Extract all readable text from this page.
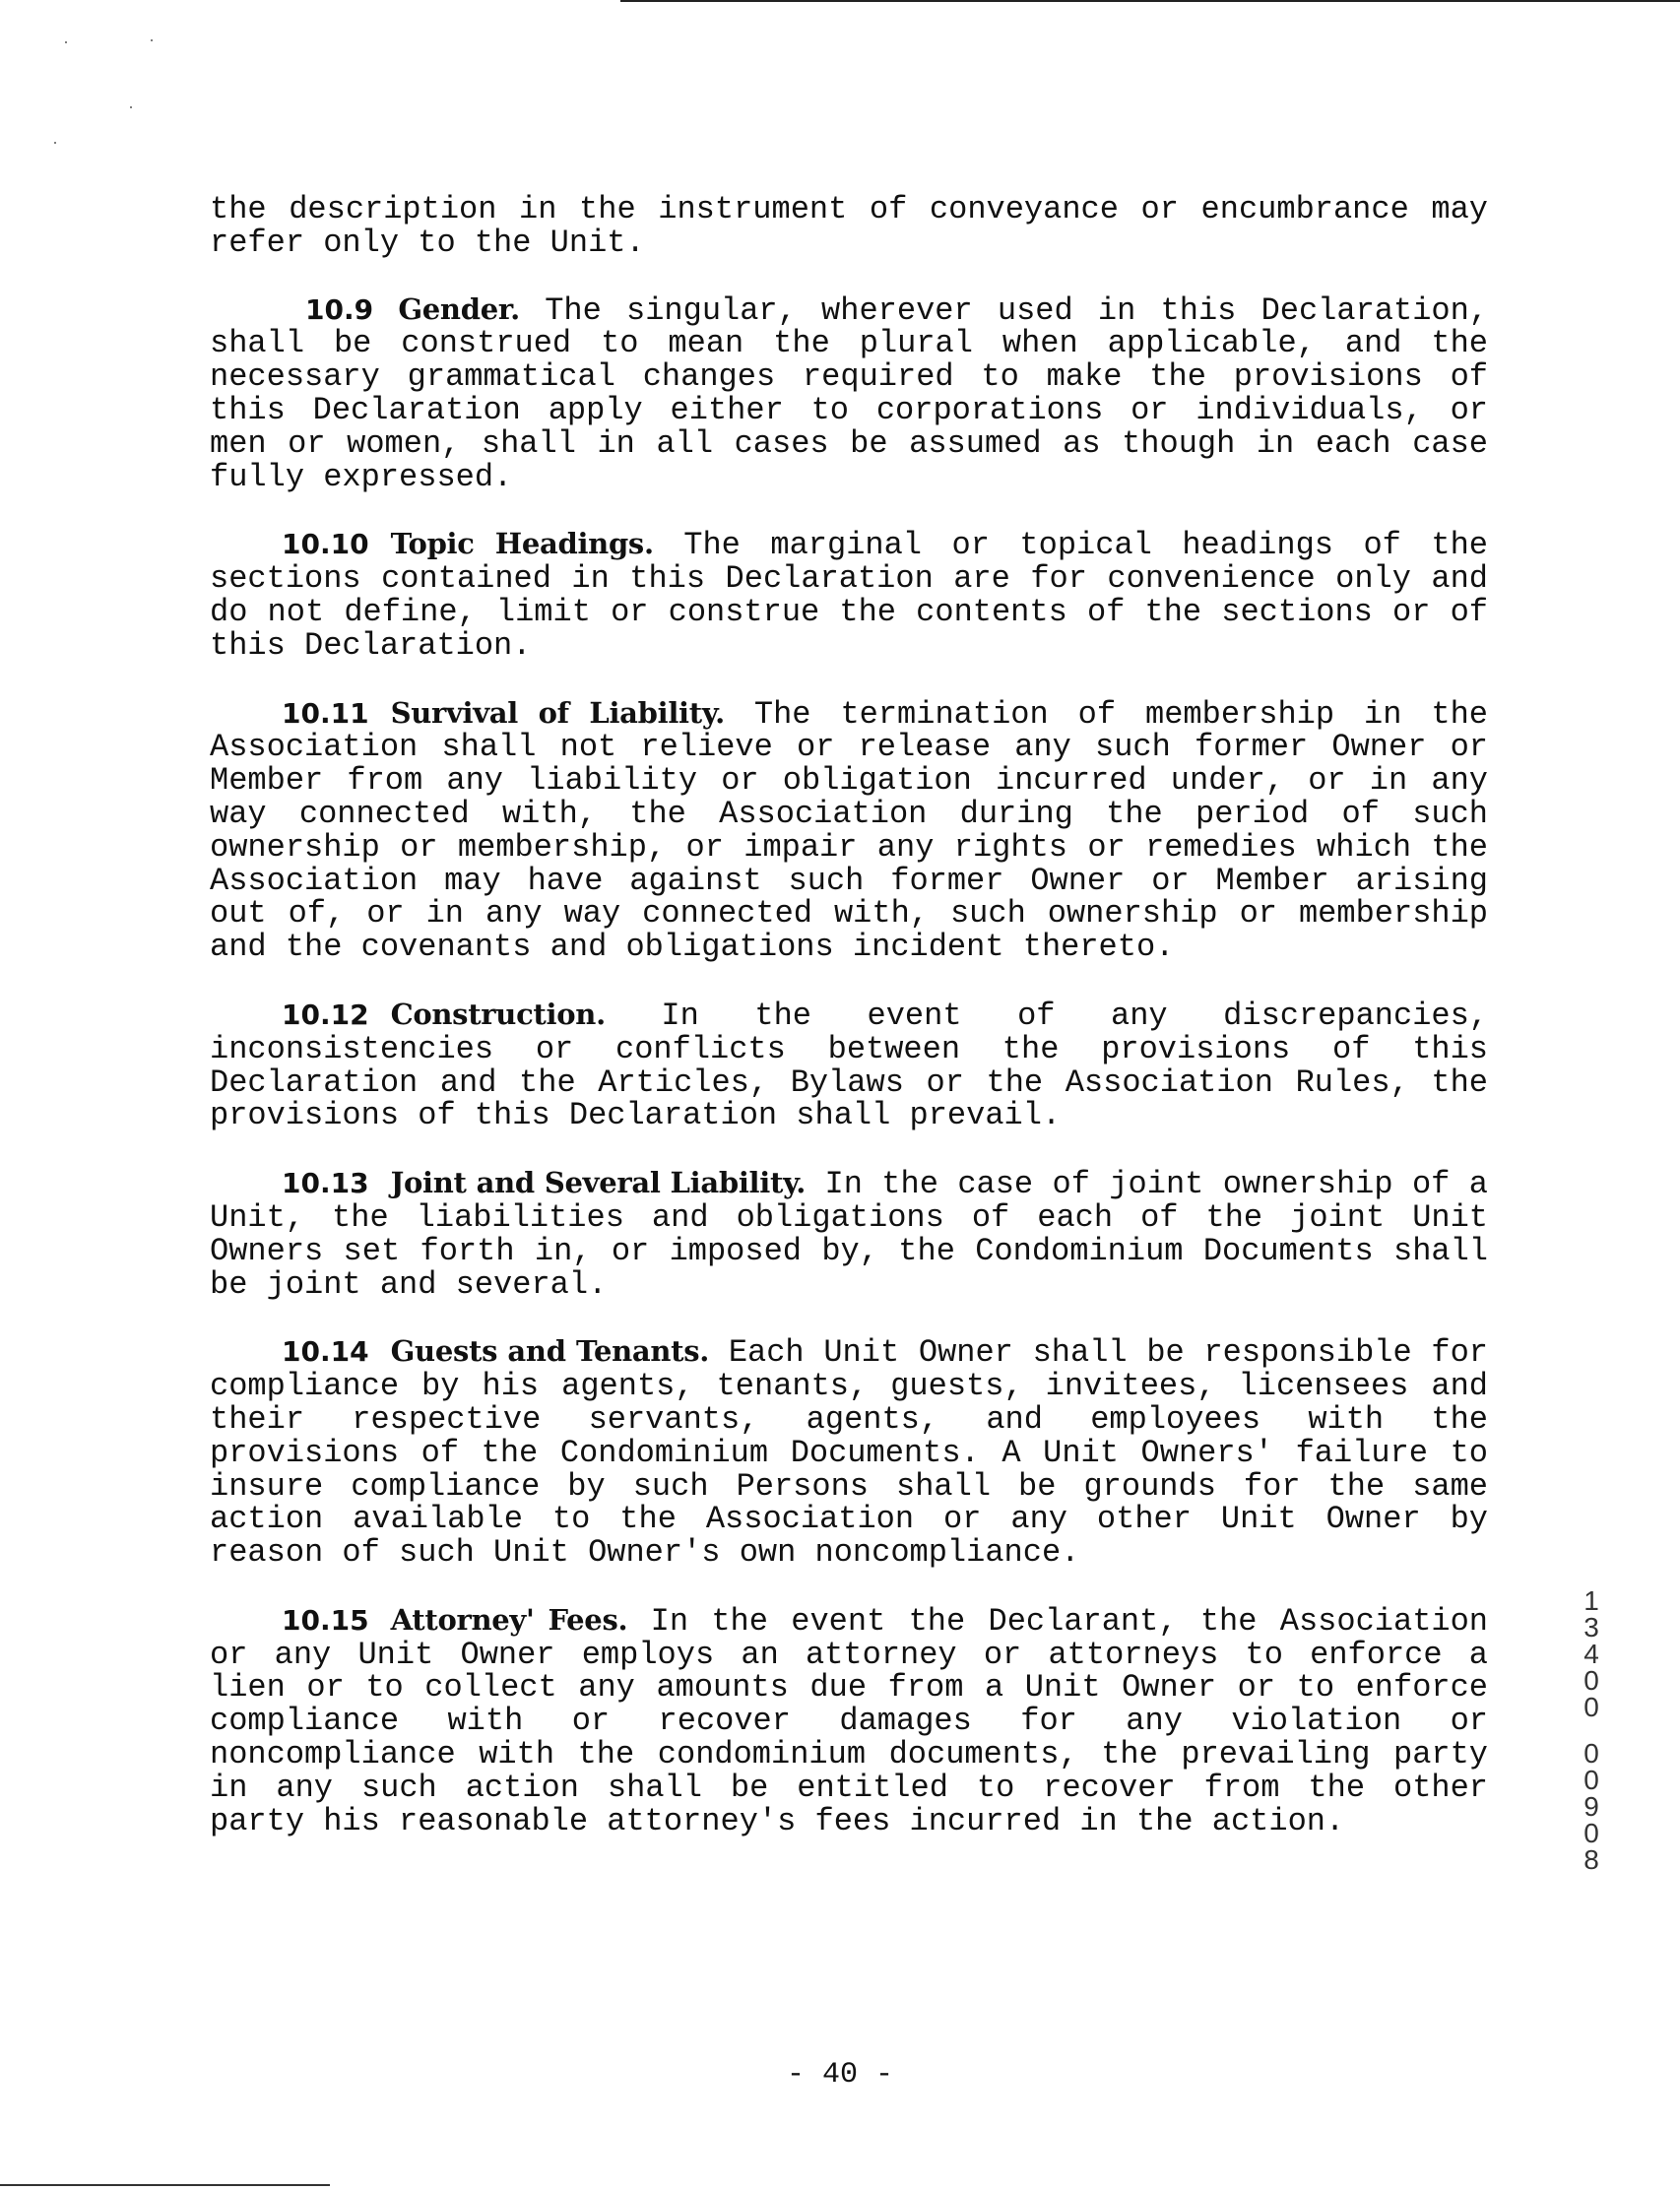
the description in the instrument of conveyance or encumbrance may refer only to the Unit.

10.9 Gender. The singular, wherever used in this Declaration, shall be construed to mean the plural when applicable, and the necessary grammatical changes required to make the provisions of this Declaration apply either to corporations or individuals, or men or women, shall in all cases be assumed as though in each case fully expressed.

10.10 Topic Headings. The marginal or topical headings of the sections contained in this Declaration are for convenience only and do not define, limit or construe the contents of the sections or of this Declaration.

10.11 Survival of Liability. The termination of membership in the Association shall not relieve or release any such former Owner or Member from any liability or obligation incurred under, or in any way connected with, the Association during the period of such ownership or membership, or impair any rights or remedies which the Association may have against such former Owner or Member arising out of, or in any way connected with, such ownership or membership and the covenants and obligations incident thereto.

10.12 Construction. In the event of any discrepancies, inconsistencies or conflicts between the provisions of this Declaration and the Articles, Bylaws or the Association Rules, the provisions of this Declaration shall prevail.

10.13 Joint and Several Liability. In the case of joint ownership of a Unit, the liabilities and obligations of each of the joint Unit Owners set forth in, or imposed by, the Condominium Documents shall be joint and several.

10.14 Guests and Tenants. Each Unit Owner shall be responsible for compliance by his agents, tenants, guests, invitees, licensees and their respective servants, agents, and employees with the provisions of the Condominium Documents. A Unit Owners' failure to insure compliance by such Persons shall be grounds for the same action available to the Association or any other Unit Owner by reason of such Unit Owner's own noncompliance.

10.15 Attorney' Fees. In the event the Declarant, the Association or any Unit Owner employs an attorney or attorneys to enforce a lien or to collect any amounts due from a Unit Owner or to enforce compliance with or recover damages for any violation or noncompliance with the condominium documents, the prevailing party in any such action shall be entitled to recover from the other party his reasonable attorney's fees incurred in the action.

1
3
4
0
0

0
0
9
0
8
- 40 -
